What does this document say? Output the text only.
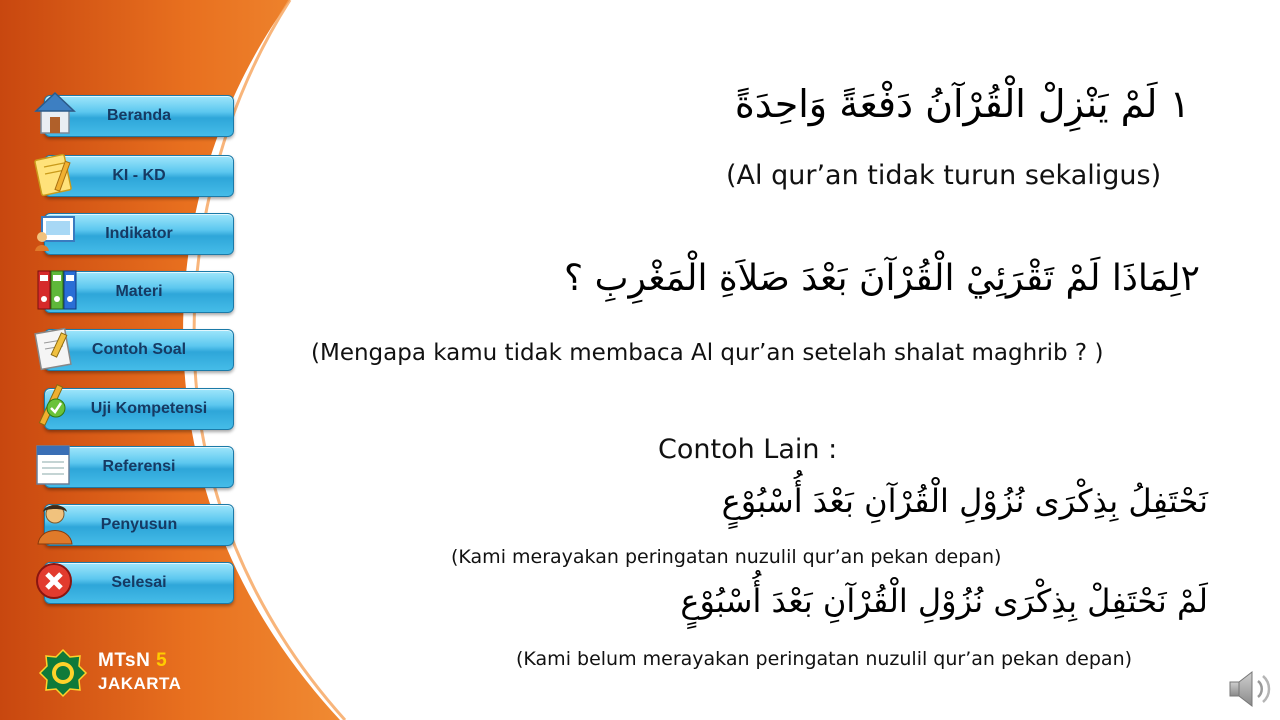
Beranda
KI - KD
Indikator
Materi
Contoh Soal
Uji Kompetensi
Referensi
Penyusun
Selesai
MTsN 5
JAKARTA
١ لَمْ يَنْزِلْ الْقُرْآنُ دَفْعَةً وَاحِدَةً
(Al qur’an tidak turun sekaligus)
٢لِمَاذَا لَمْ تَقْرَئِيْ الْقُرْآنَ بَعْدَ صَلاَةِ الْمَغْرِبِ ؟
(Mengapa kamu tidak membaca Al qur’an setelah shalat maghrib ? )
Contoh Lain :
نَحْتَفِلُ بِذِكْرَى نُزُوْلِ الْقُرْآنِ بَعْدَ أُسْبُوْعٍ
(Kami merayakan peringatan nuzulil qur’an pekan depan)
لَمْ نَحْتَفِلْ بِذِكْرَى نُزُوْلِ الْقُرْآنِ بَعْدَ أُسْبُوْعٍ
(Kami belum merayakan peringatan nuzulil qur’an pekan depan)
